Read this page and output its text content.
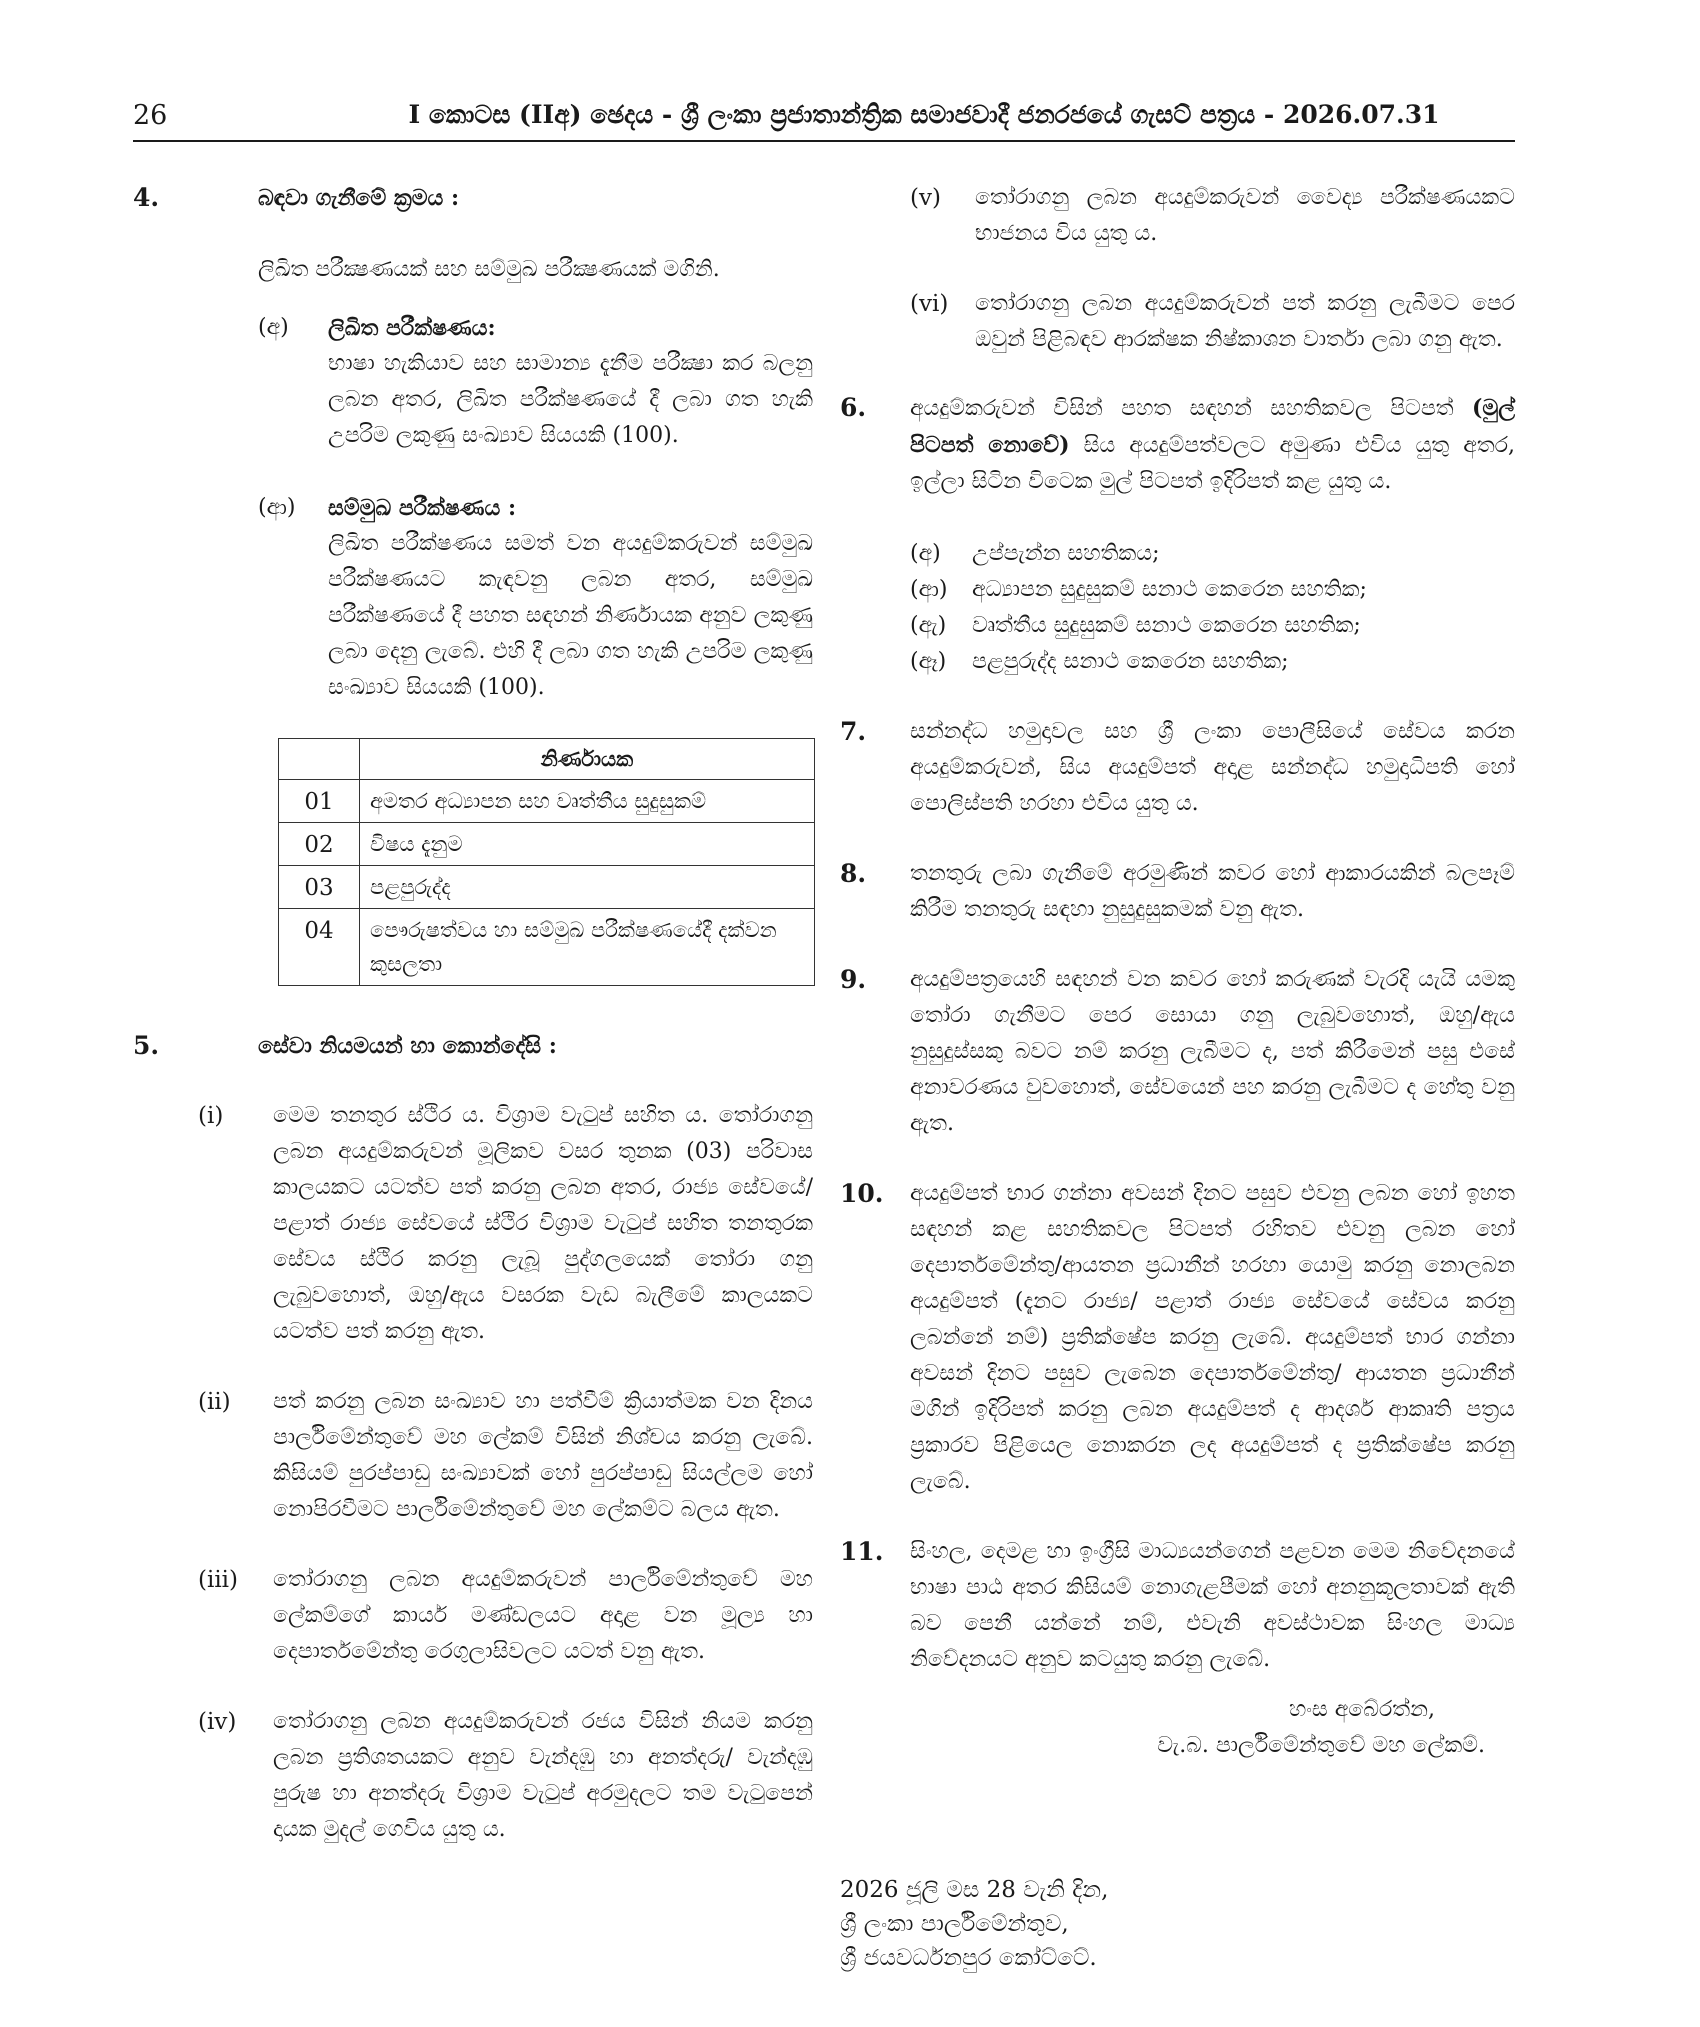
26	I කොටස (IIඅ) ඡෙදය - ශ්‍රී ලංකා ප්‍රජාතාන්ත්‍රික සමාජවාදී ජනරජයේ ගැසට් පත්‍රය - 2026.07.31
4.	බඳවා ගැනීමේ ක්‍රමය :
ලිඛිත පරීක්‍ෂණයක් සහ සම්මුඛ පරීක්‍ෂණයක් මගිනි.
(අ) ලිඛිත පරීක්ෂණය:
භාෂා හැකියාව සහ සාමාන්‍ය දැනීම පරීක්‍ෂා කර බලනු ලබන අතර, ලිඛිත පරීක්ෂණයේ දී ලබා ගත හැකි උපරිම ලකුණු සංඛ්‍යාව සියයකි (100).
(ආ) සම්මුඛ පරීක්ෂණය :
ලිඛිත පරීක්ෂණය සමත් වන අයදුම්කරුවන් සම්මුඛ පරීක්ෂණයට කැඳවනු ලබන අතර, සම්මුඛ පරීක්ෂණයේ දී පහත සඳහන් නිර්ණායක අනුව ලකුණු ලබා දෙනු ලැබේ. එහි දී ලබා ගත හැකි උපරිම ලකුණු සංඛ්‍යාව සියයකි (100).
	නිර්ණායක
01	අමතර අධ්‍යාපන සහ වෘත්තීය සුදුසුකම්
02	විෂය දැනුම
03	පළපුරුද්ද
04	පෞරුෂත්වය හා සම්මුඛ පරීක්ෂණයේදී දක්වන කුසලතා
5.	සේවා නියමයන් හා කොන්දේසි :
(i) මෙම තනතුර ස්ථිර ය. විශ්‍රාම වැටුප් සහිත ය. තෝරාගනු ලබන අයදුම්කරුවන් මූලිකව වසර තුනක (03) පරිවාස කාලයකට යටත්ව පත් කරනු ලබන අතර, රාජ්‍ය සේවයේ/පළාත් රාජ්‍ය සේවයේ ස්ථිර විශ්‍රාම වැටුප් සහිත තනතුරක සේවය ස්ථිර කරනු ලැබූ පුද්ගලයෙක් තෝරා ගනු ලැබුවහොත්, ඔහු/ඇය වසරක වැඩ බැලීමේ කාලයකට යටත්ව පත් කරනු ඇත.
(ii) පත් කරනු ලබන සංඛ්‍යාව හා පත්වීම් ක්‍රියාත්මක වන දිනය පාර්ලිමේන්තුවේ මහ ලේකම් විසින් නිශ්චය කරනු ලැබේ. කිසියම් පුරප්පාඩු සංඛ්‍යාවක් හෝ පුරප්පාඩු සියල්ලම හෝ නොපිරවීමට පාර්ලිමේන්තුවේ මහ ලේකම්ට බලය ඇත.
(iii) තෝරාගනු ලබන අයදුම්කරුවන් පාර්ලිමේන්තුවේ මහ ලේකම්ගේ කාර්ය මණ්ඩලයට අදාළ වන මූල්‍ය හා දෙපාර්තමේන්තු රෙගුලාසිවලට යටත් වනු ඇත.
(iv) තෝරාගනු ලබන අයදුම්කරුවන් රජය විසින් නියම කරනු ලබන ප්‍රතිශතයකට අනුව වැන්දඹු හා අනත්දරු/ වැන්දඹු පුරුෂ හා අනත්දරු විශ්‍රාම වැටුප් අරමුදලට තම වැටුපෙන් දායක මුදල් ගෙවිය යුතු ය.
(v) තෝරාගනු ලබන අයදුම්කරුවන් වෛද්‍ය පරීක්ෂණයකට භාජනය විය යුතු ය.
(vi) තෝරාගනු ලබන අයදුම්කරුවන් පත් කරනු ලැබීමට පෙර ඔවුන් පිළිබඳව ආරක්ෂක නිෂ්කාශන වාර්තා ලබා ගනු ඇත.
6. අයදුම්කරුවන් විසින් පහත සඳහන් සහතිකවල පිටපත් (මුල් පිටපත් නොවේ) සිය අයදුම්පත්වලට අමුණා එවිය යුතු අතර, ඉල්ලා සිටින විටෙක මුල් පිටපත් ඉදිරිපත් කළ යුතු ය.
(අ) උප්පැන්න සහතිකය;
(ආ) අධ්‍යාපන සුදුසුකම් සනාථ කෙරෙන සහතික;
(ඇ) වෘත්තීය සුදුසුකම් සනාථ කෙරෙන සහතික;
(ඈ) පළපුරුද්ද සනාථ කෙරෙන සහතික;
7. සන්නද්ධ හමුදාවල සහ ශ්‍රී ලංකා පොලීසියේ සේවය කරන අයදුම්කරුවන්, සිය අයදුම්පත් අදාළ සන්නද්ධ හමුදාධිපති හෝ පොලිස්පති හරහා එවිය යුතු ය.
8. තනතුරු ලබා ගැනීමේ අරමුණින් කවර හෝ ආකාරයකින් බලපෑම් කිරීම තනතුරු සඳහා නුසුදුසුකමක් වනු ඇත.
9. අයදුම්පත්‍රයෙහි සඳහන් වන කවර හෝ කරුණක් වැරදි යැයි යමකු තෝරා ගැනීමට පෙර සොයා ගනු ලැබුවහොත්, ඔහු/ඇය නුසුදුස්සකු බවට නම් කරනු ලැබීමට ද, පත් කිරීමෙන් පසු එසේ අනාවරණය වුවහොත්, සේවයෙන් පහ කරනු ලැබීමට ද හේතු වනු ඇත.
10. අයදුම්පත් භාර ගන්නා අවසන් දිනට පසුව එවනු ලබන හෝ ඉහත සඳහන් කළ සහතිකවල පිටපත් රහිතව එවනු ලබන හෝ දෙපාර්තමේන්තු/ආයතන ප්‍රධානීන් හරහා යොමු කරනු නොලබන අයදුම්පත් (දැනට රාජ්‍ය/ පළාත් රාජ්‍ය සේවයේ සේවය කරනු ලබන්නේ නම්) ප්‍රතික්ෂේප කරනු ලැබේ. අයදුම්පත් භාර ගන්නා අවසන් දිනට පසුව ලැබෙන දෙපාර්තමේන්තු/ ආයතන ප්‍රධානීන් මගින් ඉදිරිපත් කරනු ලබන අයදුම්පත් ද ආදර්ශ ආකෘති පත්‍රය ප්‍රකාරව පිළියෙල නොකරන ලද අයදුම්පත් ද ප්‍රතික්ෂේප කරනු ලැබේ.
11. සිංහල, දෙමළ හා ඉංග්‍රීසි මාධ්‍යයන්ගෙන් පළවන මෙම නිවේදනයේ භාෂා පාඨ අතර කිසියම් නොගැළපීමක් හෝ අනනුකූලතාවක් ඇති බව පෙනී යන්නේ නම්, එවැනි අවස්ථාවක සිංහල මාධ්‍ය නිවේදනයට අනුව කටයුතු කරනු ලැබේ.
හංස අබේරත්න,
වැ.බ. පාර්ලිමේන්තුවේ මහ ලේකම්.
2026 ජූලි මස 28 වැනි දින,
ශ්‍රී ලංකා පාර්ලිමේන්තුව,
ශ්‍රී ජයවර්ධනපුර කෝට්ටේ.
